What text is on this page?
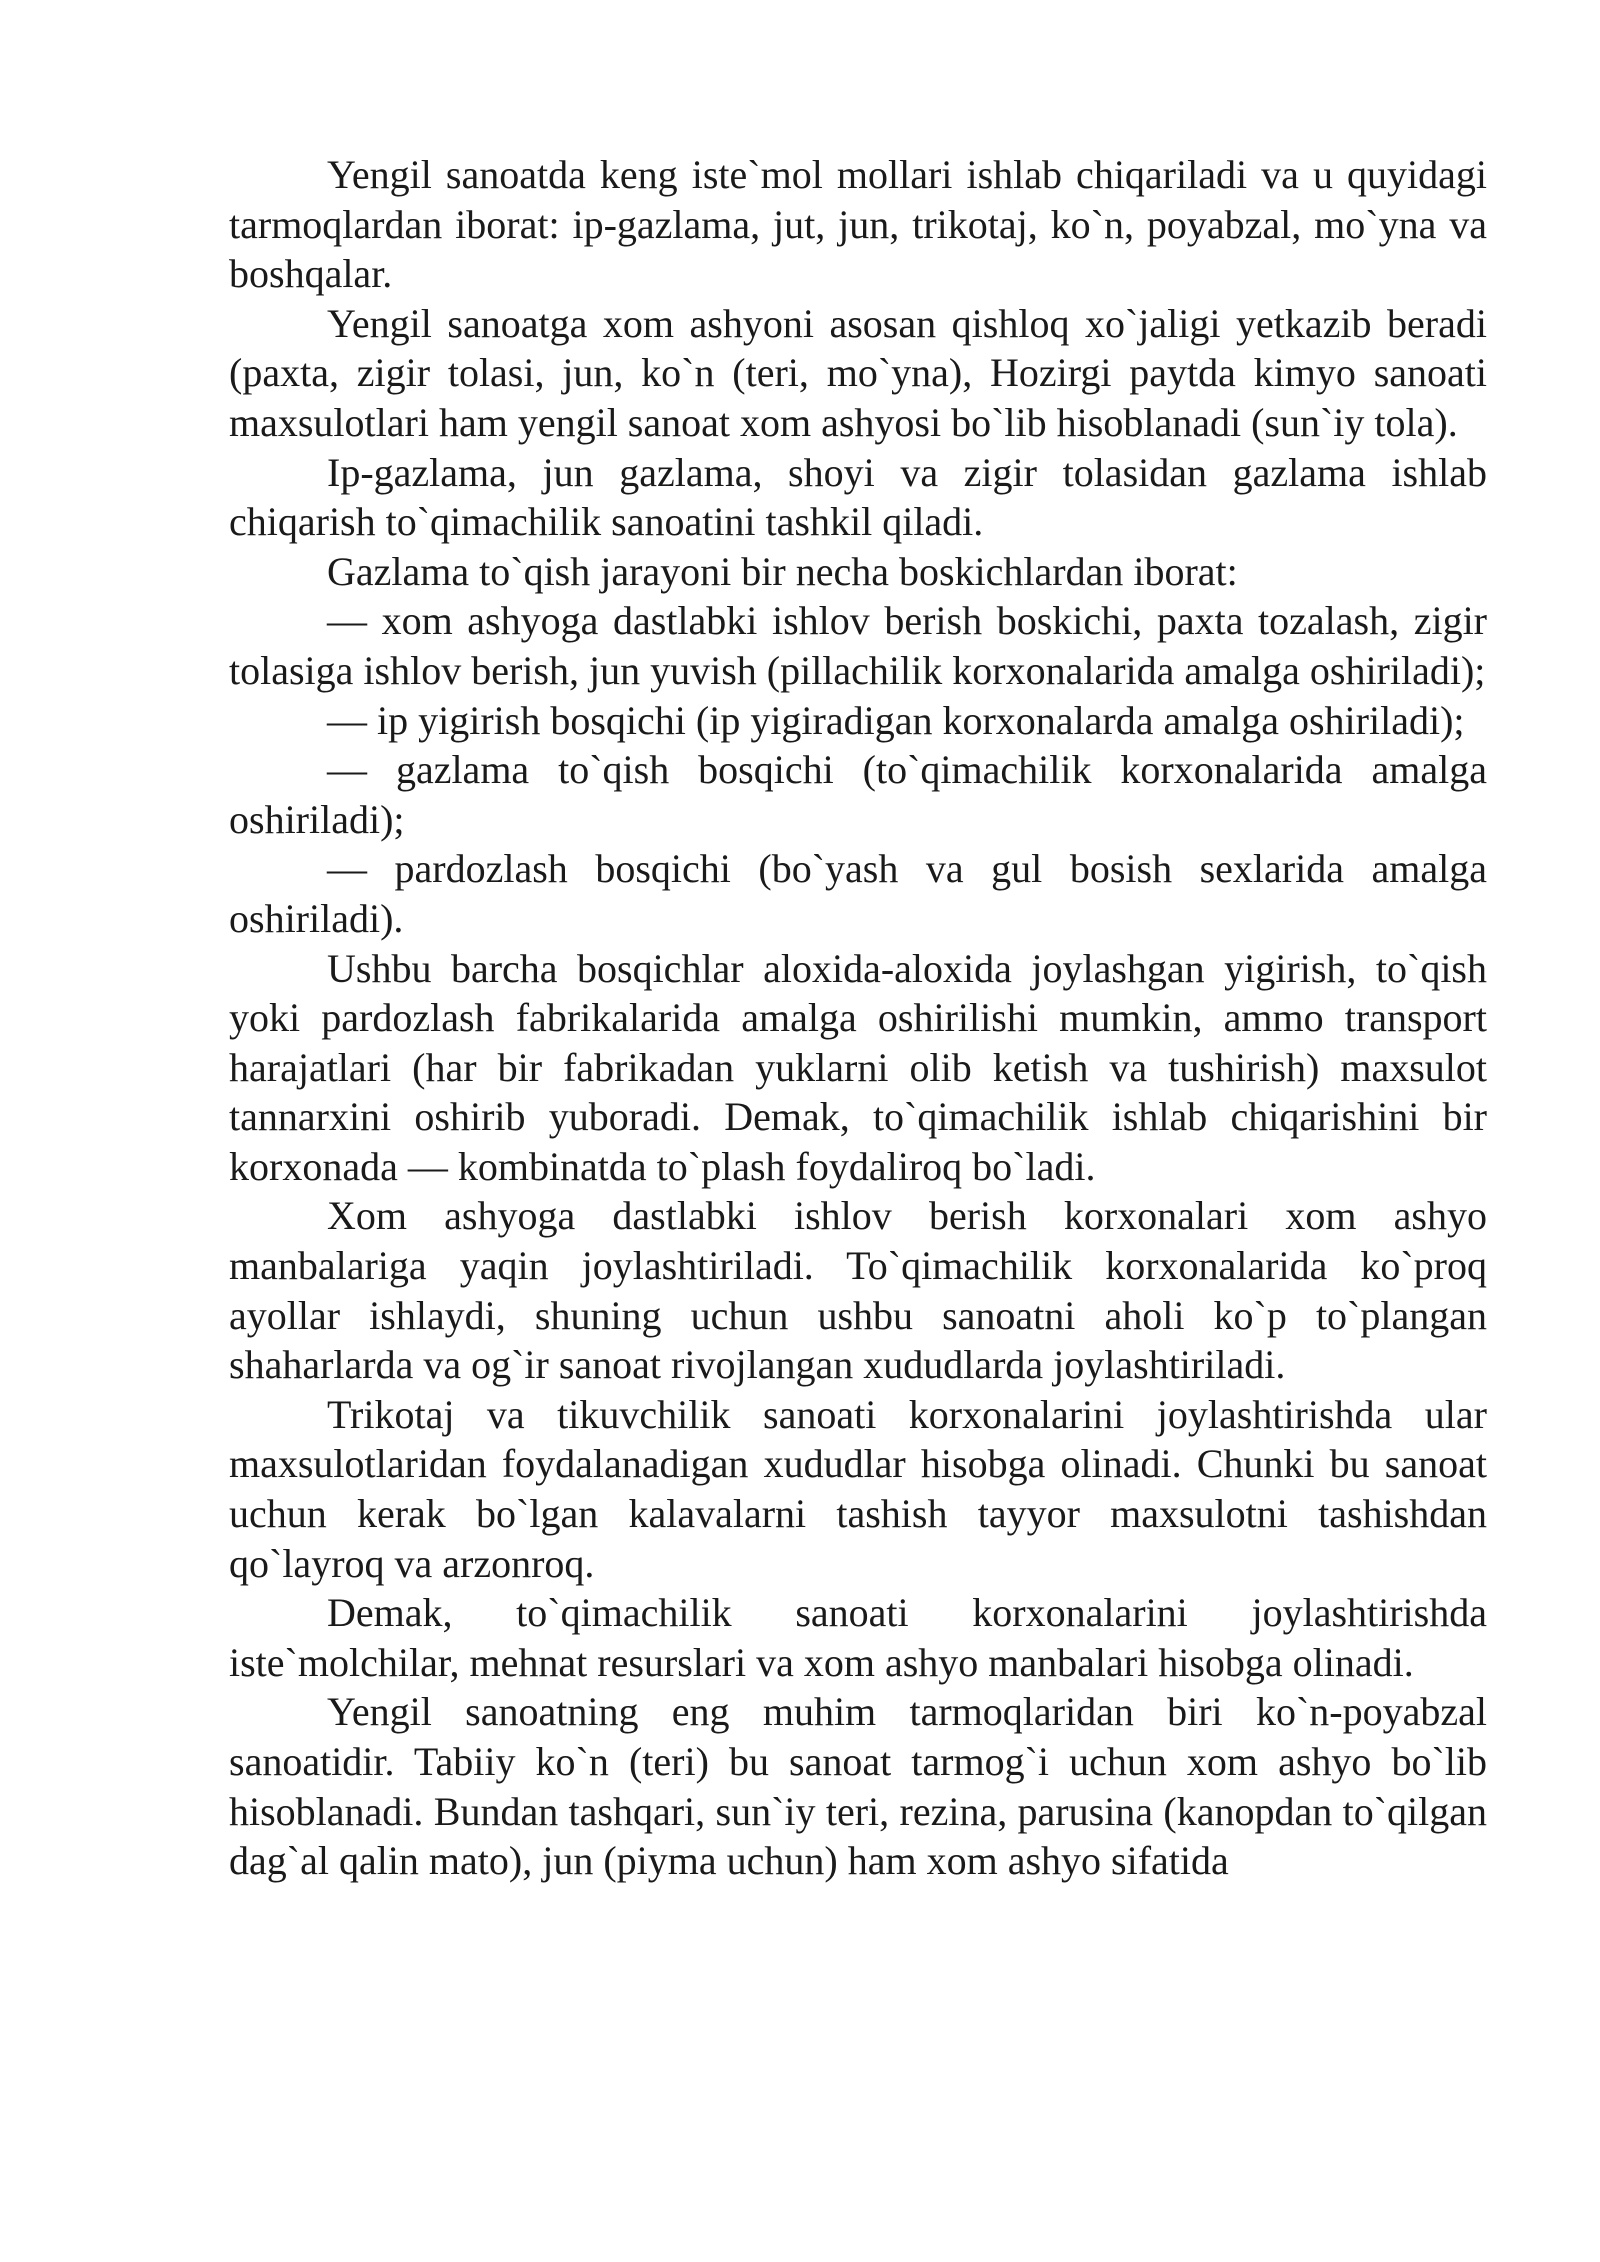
Yengil sanoatda keng iste`mol mollari ishlab chiqariladi va u quyidagi tarmoqlardan iborat: ip-gazlama, jut, jun, trikotaj, ko`n, poyabzal, mo`yna va boshqalar.

Yengil sanoatga xom ashyoni asosan qishloq xo`jaligi yetkazib beradi (paxta, zigir tolasi, jun, ko`n (teri, mo`yna), Hozirgi paytda kimyo sanoati maxsulotlari ham yengil sanoat xom ashyosi bo`lib hisoblanadi (sun`iy tola).

Ip-gazlama, jun gazlama, shoyi va zigir tolasidan gazlama ishlab chiqarish to`qimachilik sanoatini tashkil qiladi.

Gazlama to`qish jarayoni bir necha boskichlardan iborat:

— xom ashyoga dastlabki ishlov berish boskichi, paxta tozalash, zigir tolasiga ishlov berish, jun yuvish (pillachilik korxonalarida amalga oshiriladi);

— ip yigirish bosqichi (ip yigiradigan korxonalarda amalga oshiriladi);

— gazlama to`qish bosqichi (to`qimachilik korxonalarida amalga oshiriladi);

— pardozlash bosqichi (bo`yash va gul bosish sexlarida amalga oshiriladi).

Ushbu barcha bosqichlar aloxida-aloxida joylashgan yigirish, to`qish yoki pardozlash fabrikalarida amalga oshirilishi mumkin, ammo transport harajatlari (har bir fabrikadan yuklarni olib ketish va tushirish) maxsulot tannarxini oshirib yuboradi. Demak, to`qimachilik ishlab chiqarishini bir korxonada — kombinatda to`plash foydaliroq bo`ladi.

Xom ashyoga dastlabki ishlov berish korxonalari xom ashyo manbalariga yaqin joylashtiriladi. To`qimachilik korxonalarida ko`proq ayollar ishlaydi, shuning uchun ushbu sanoatni aholi ko`p to`plangan shaharlarda va og`ir sanoat rivojlangan xududlarda joylashtiriladi.

Trikotaj va tikuvchilik sanoati korxonalarini joylashtirishda ular maxsulotlaridan foydalanadigan xududlar hisobga olinadi. Chunki bu sanoat uchun kerak bo`lgan kalavalarni tashish tayyor maxsulotni tashishdan qo`layroq va arzonroq.

Demak, to`qimachilik sanoati korxonalarini joylashtirishda iste`molchilar, mehnat resurslari va xom ashyo manbalari hisobga olinadi.

Yengil sanoatning eng muhim tarmoqlaridan biri ko`n-poyabzal sanoatidir. Tabiiy ko`n (teri) bu sanoat tarmog`i uchun xom ashyo bo`lib hisoblanadi. Bundan tashqari, sun`iy teri, rezina, parusina (kanopdan to`qilgan dag`al qalin mato), jun (piyma uchun) ham xom ashyo sifatida
